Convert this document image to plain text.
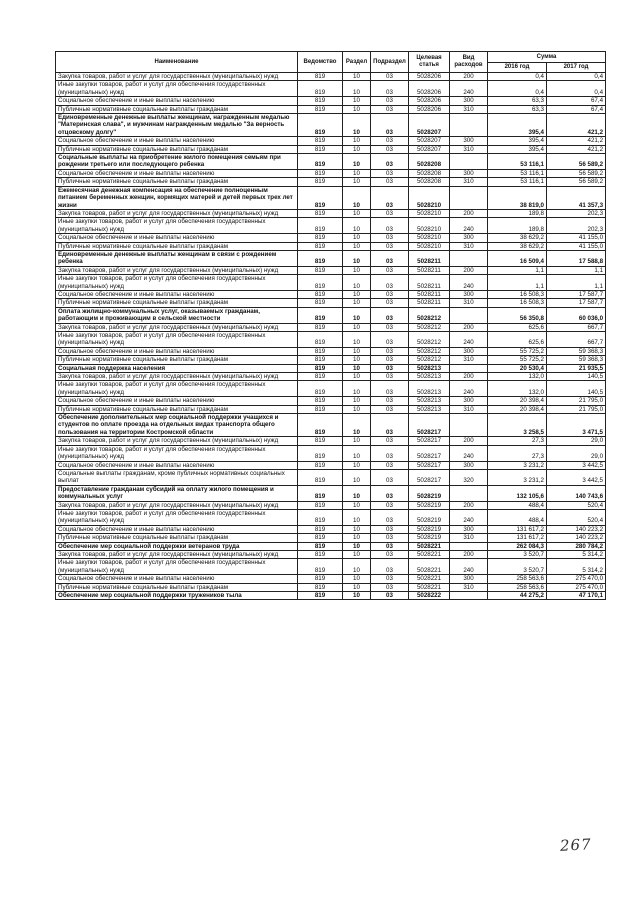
Наименование	Ведомство	Раздел	Подраздел	Целевая статья	Вид расходов	Сумма	
						2016 год	2017 год
Закупка товаров, работ и услуг для государственных (муниципальных) нужд	819	10	03	5028206	200	0,4	0,4
Иные закупки товаров, работ и услуг для обеспечения государственных (муниципальных) нужд	819	10	03	5028206	240	0,4	0,4
Социальное обеспечение и иные выплаты населению	819	10	03	5028206	300	63,3	67,4
Публичные нормативные социальные выплаты гражданам	819	10	03	5028206	310	63,3	67,4
Единовременные денежные выплаты женщинам, награжденным медалью "Материнская слава", и мужчинам награжденным медалью "За верность отцовскому долгу"	819	10	03	5028207		395,4	421,2
Социальное обеспечение и иные выплаты населению	819	10	03	5028207	300	395,4	421,2
Публичные нормативные социальные выплаты гражданам	819	10	03	5028207	310	395,4	421,2
Социальные выплаты на приобретение жилого помещения семьям при рождении третьего или последующего ребенка	819	10	03	5028208		53 116,1	56 589,2
Социальное обеспечение и иные выплаты населению	819	10	03	5028208	300	53 116,1	56 589,2
Публичные нормативные социальные выплаты гражданам	819	10	03	5028208	310	53 116,1	56 589,2
Ежемесячная денежная компенсация на обеспечение полноценным питанием беременных женщин, кормящих матерей и детей первых трех лет жизни	819	10	03	5028210		38 819,0	41 357,3
Закупка товаров, работ и услуг для государственных (муниципальных) нужд	819	10	03	5028210	200	189,8	202,3
Иные закупки товаров, работ и услуг для обеспечения государственных (муниципальных) нужд	819	10	03	5028210	240	189,8	202,3
Социальное обеспечение и иные выплаты населению	819	10	03	5028210	300	38 629,2	41 155,0
Публичные нормативные социальные выплаты гражданам	819	10	03	5028210	310	38 629,2	41 155,0
Единовременные денежные выплаты женщинам в связи с рождением ребенка	819	10	03	5028211		16 509,4	17 588,8
Закупка товаров, работ и услуг для государственных (муниципальных) нужд	819	10	03	5028211	200	1,1	1,1
Иные закупки товаров, работ и услуг для обеспечения государственных (муниципальных) нужд	819	10	03	5028211	240	1,1	1,1
Социальное обеспечение и иные выплаты населению	819	10	03	5028211	300	16 508,3	17 587,7
Публичные нормативные социальные выплаты гражданам	819	10	03	5028211	310	16 508,3	17 587,7
Оплата жилищно-коммунальных услуг, оказываемых гражданам, работающим и проживающим в сельской местности	819	10	03	5028212		56 350,8	60 036,0
Закупка товаров, работ и услуг для государственных (муниципальных) нужд	819	10	03	5028212	200	625,6	667,7
Иные закупки товаров, работ и услуг для обеспечения государственных (муниципальных) нужд	819	10	03	5028212	240	625,6	667,7
Социальное обеспечение и иные выплаты населению	819	10	03	5028212	300	55 725,2	59 368,3
Публичные нормативные социальные выплаты гражданам	819	10	03	5028212	310	55 725,2	59 368,3
Социальная поддержка населения	819	10	03	5028213		20 530,4	21 935,5
Закупка товаров, работ и услуг для государственных (муниципальных) нужд	819	10	03	5028213	200	132,0	140,5
Иные закупки товаров, работ и услуг для обеспечения государственных (муниципальных) нужд	819	10	03	5028213	240	132,0	140,5
Социальное обеспечение и иные выплаты населению	819	10	03	5028213	300	20 398,4	21 795,0
Публичные нормативные социальные выплаты гражданам	819	10	03	5028213	310	20 398,4	21 795,0
Обеспечение дополнительных мер социальной поддержки учащихся и студентов по оплате проезда на отдельных видах транспорта общего пользования на территории Костромской области	819	10	03	5028217		3 258,5	3 471,5
Закупка товаров, работ и услуг для государственных (муниципальных) нужд	819	10	03	5028217	200	27,3	29,0
Иные закупки товаров, работ и услуг для обеспечения государственных (муниципальных) нужд	819	10	03	5028217	240	27,3	29,0
Социальное обеспечение и иные выплаты населению	819	10	03	5028217	300	3 231,2	3 442,5
Социальные выплаты гражданам, кроме публичных нормативных социальных выплат	819	10	03	5028217	320	3 231,2	3 442,5
Предоставление гражданам субсидий на оплату жилого помещения и коммунальных услуг	819	10	03	5028219		132 105,6	140 743,6
Закупка товаров, работ и услуг для государственных (муниципальных) нужд	819	10	03	5028219	200	488,4	520,4
Иные закупки товаров, работ и услуг для обеспечения государственных (муниципальных) нужд	819	10	03	5028219	240	488,4	520,4
Социальное обеспечение и иные выплаты населению	819	10	03	5028219	300	131 617,2	140 223,2
Публичные нормативные социальные выплаты гражданам	819	10	03	5028219	310	131 617,2	140 223,2
Обеспечение мер социальной поддержки ветеранов труда	819	10	03	5028221		262 084,3	280 784,2
Закупка товаров, работ и услуг для государственных (муниципальных) нужд	819	10	03	5028221	200	3 520,7	5 314,2
Иные закупки товаров, работ и услуг для обеспечения государственных (муниципальных) нужд	819	10	03	5028221	240	3 520,7	5 314,2
Социальное обеспечение и иные выплаты населению	819	10	03	5028221	300	258 563,6	275 470,0
Публичные нормативные социальные выплаты гражданам	819	10	03	5028221	310	258 563,6	275 470,0
Обеспечение мер социальной поддержки тружеников тыла	819	10	03	5028222		44 275,2	47 170,1
267
